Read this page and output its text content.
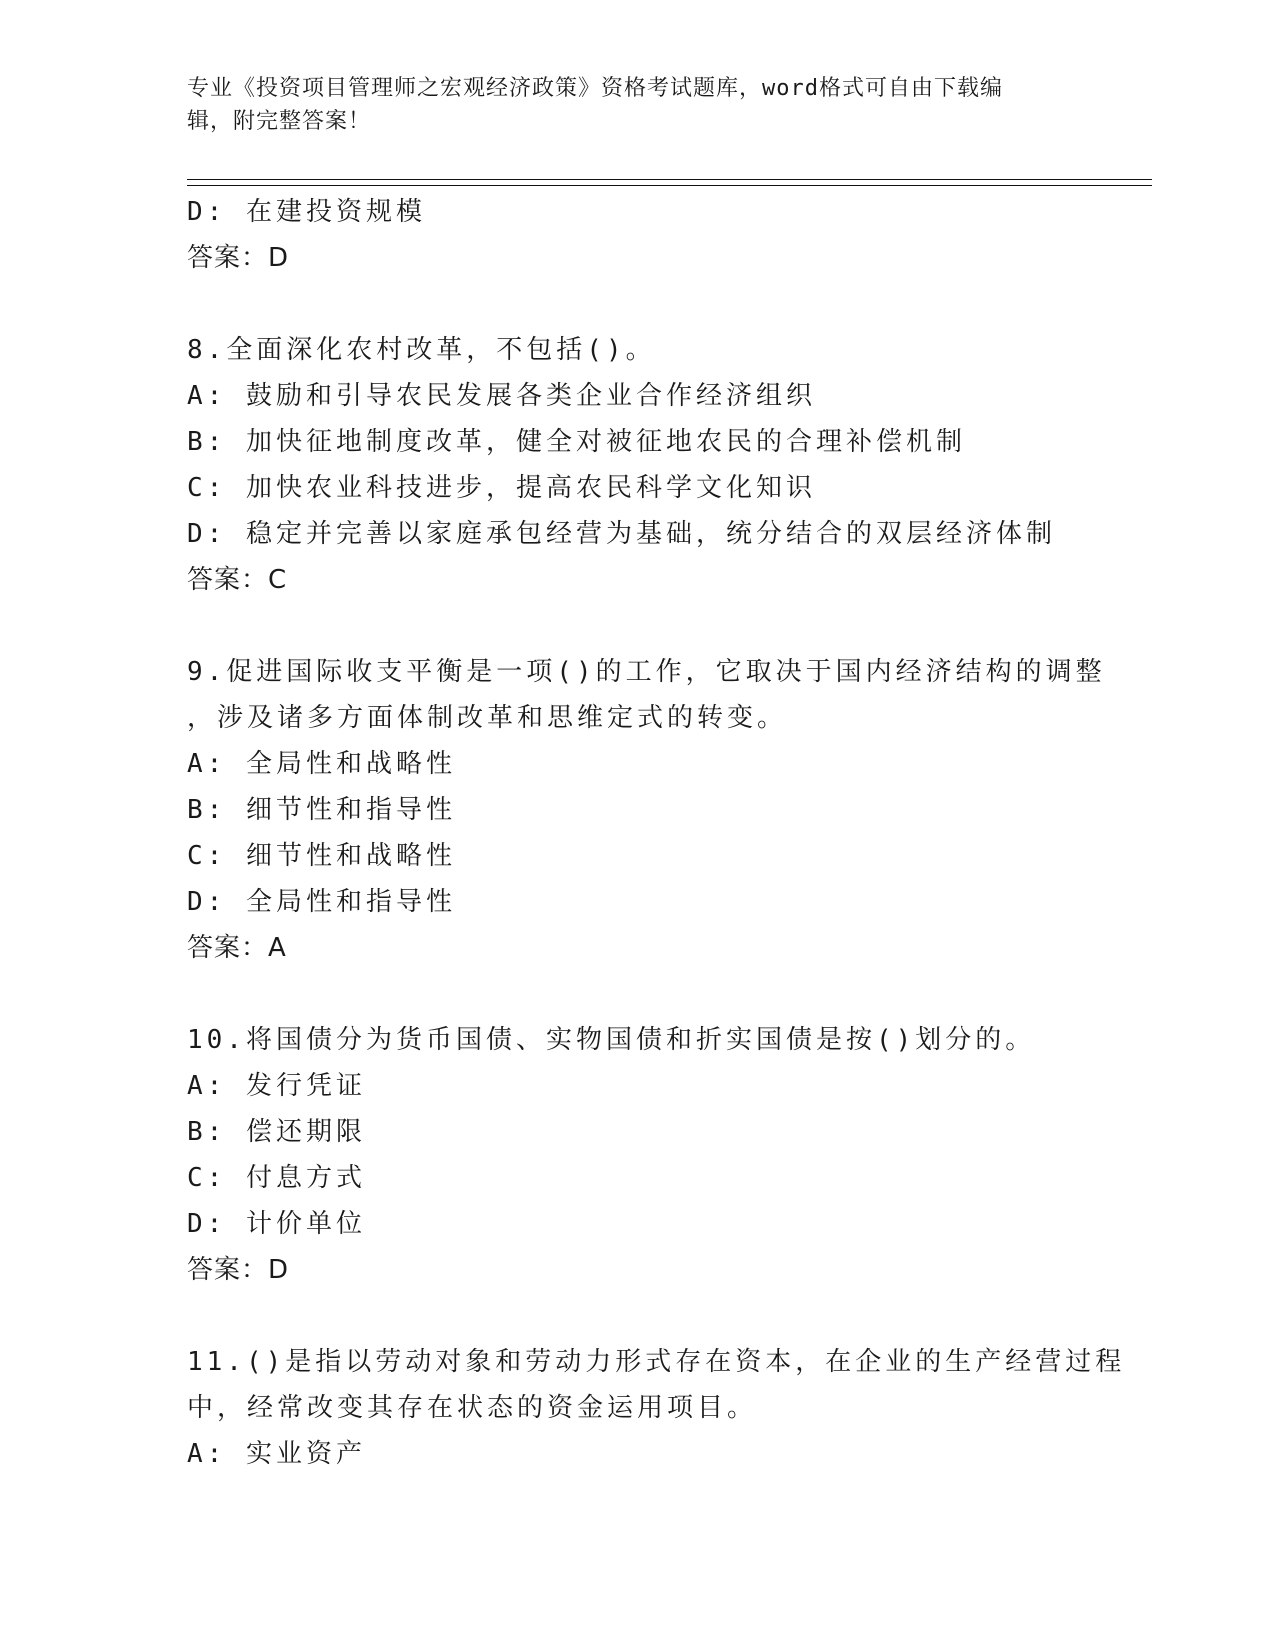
专业《投资项目管理师之宏观经济政策》资格考试题库，word格式可自由下载编
辑，附完整答案！

D: 在建投资规模

答案：D

8.全面深化农村改革，不包括()。

A: 鼓励和引导农民发展各类企业合作经济组织

B: 加快征地制度改革，健全对被征地农民的合理补偿机制

C: 加快农业科技进步，提高农民科学文化知识

D: 稳定并完善以家庭承包经营为基础，统分结合的双层经济体制

答案：C

9.促进国际收支平衡是一项()的工作，它取决于国内经济结构的调整

，涉及诸多方面体制改革和思维定式的转变。

A: 全局性和战略性

B: 细节性和指导性

C: 细节性和战略性

D: 全局性和指导性

答案：A

10.将国债分为货币国债、实物国债和折实国债是按()划分的。

A: 发行凭证

B: 偿还期限

C: 付息方式

D: 计价单位

答案：D

11.()是指以劳动对象和劳动力形式存在资本，在企业的生产经营过程

中，经常改变其存在状态的资金运用项目。

A: 实业资产
